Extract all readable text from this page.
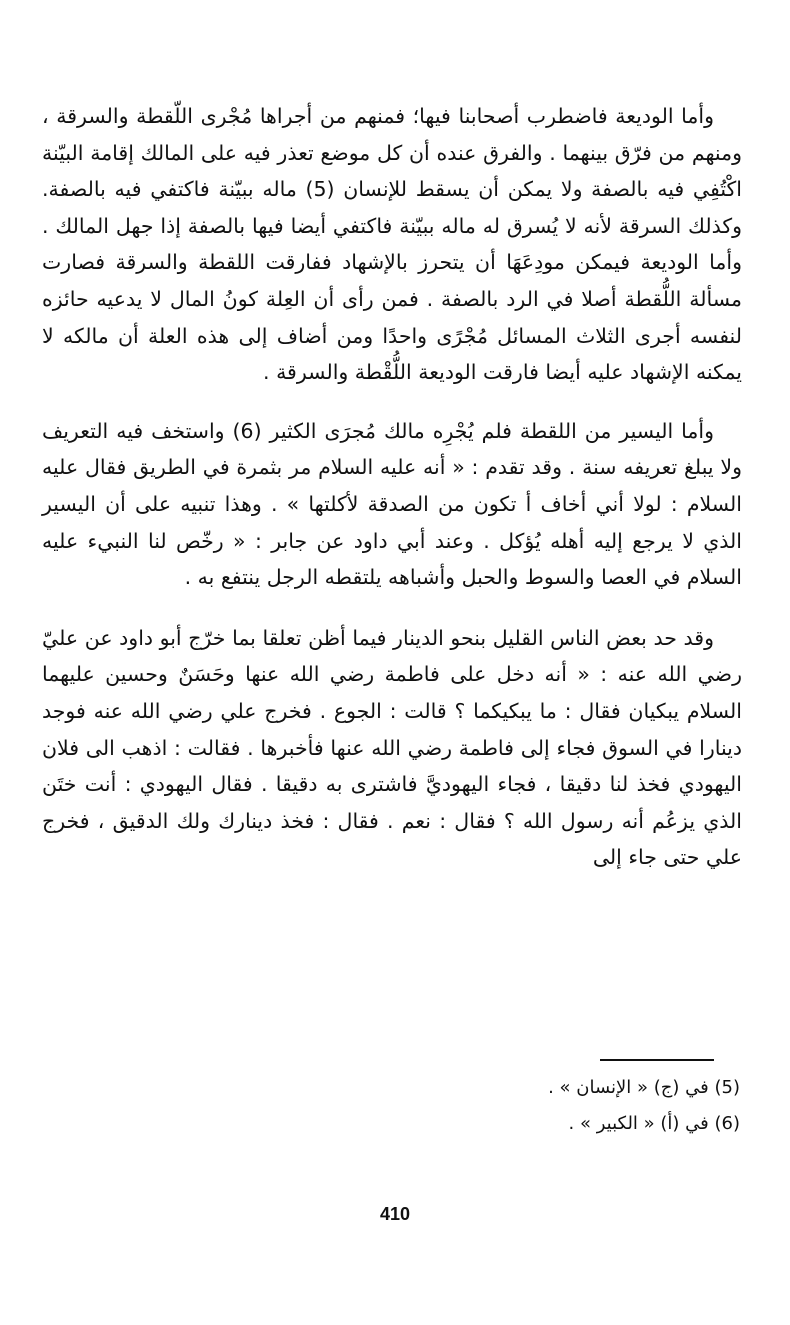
وأما الوديعة فاضطرب أصحابنا فيها؛ فمنهم من أجراها مُجْرى اللّقطة والسرقة ، ومنهم من فرّق بينهما . والفرق عنده أن كل موضع تعذر فيه على المالك إقامة البيّنة اكْتُفِي فيه بالصفة ولا يمكن أن يسقط للإنسان (5) ماله ببيّنة فاكتفي فيه بالصفة. وكذلك السرقة لأنه لا يُسرق له ماله ببيّنة فاكتفي أيضا فيها بالصفة إذا جهل المالك . وأما الوديعة فيمكن مودِعَهَا أن يتحرز بالإشهاد ففارقت اللقطة والسرقة فصارت مسألة اللُّقطة أصلا في الرد بالصفة . فمن رأى أن العِلة كونُ المال لا يدعيه حائزه لنفسه أجرى الثلاث المسائل مُجْرًى واحدًا ومن أضاف إلى هذه العلة أن مالكه لا يمكنه الإشهاد عليه أيضا فارقت الوديعة اللُّقْطة والسرقة .

وأما اليسير من اللقطة فلم يُجْرِه مالك مُجرَى الكثير (6) واستخف فيه التعريف ولا يبلغ تعريفه سنة . وقد تقدم : « أنه عليه السلام مر بثمرة في الطريق فقال عليه السلام : لولا أني أخاف أ تكون من الصدقة لأكلتها » . وهذا تنبيه على أن اليسير الذي لا يرجع إليه أهله يُؤكل . وعند أبي داود عن جابر : « رخّص لنا النبيء عليه السلام في العصا والسوط والحبل وأشباهه يلتقطه الرجل ينتفع به .

وقد حد بعض الناس القليل بنحو الدينار فيما أظن تعلقا بما خرّج أبو داود عن عليّ رضي الله عنه : « أنه دخل على فاطمة رضي الله عنها وحَسَنٌ وحسين عليهما السلام يبكيان فقال : ما يبكيكما ؟ قالت : الجوع . فخرج علي رضي الله عنه فوجد دينارا في السوق فجاء إلى فاطمة رضي الله عنها فأخبرها . فقالت : اذهب الى فلان اليهودي فخذ لنا دقيقا ، فجاء اليهوديَّ فاشترى به دقيقا . فقال اليهودي : أنت ختَن الذي يزعُم أنه رسول الله ؟ فقال : نعم . فقال : فخذ دينارك ولك الدقيق ، فخرج علي حتى جاء إلى

(5) في (ج) « الإنسان » .

(6) في (أ) « الكبير » .

410
